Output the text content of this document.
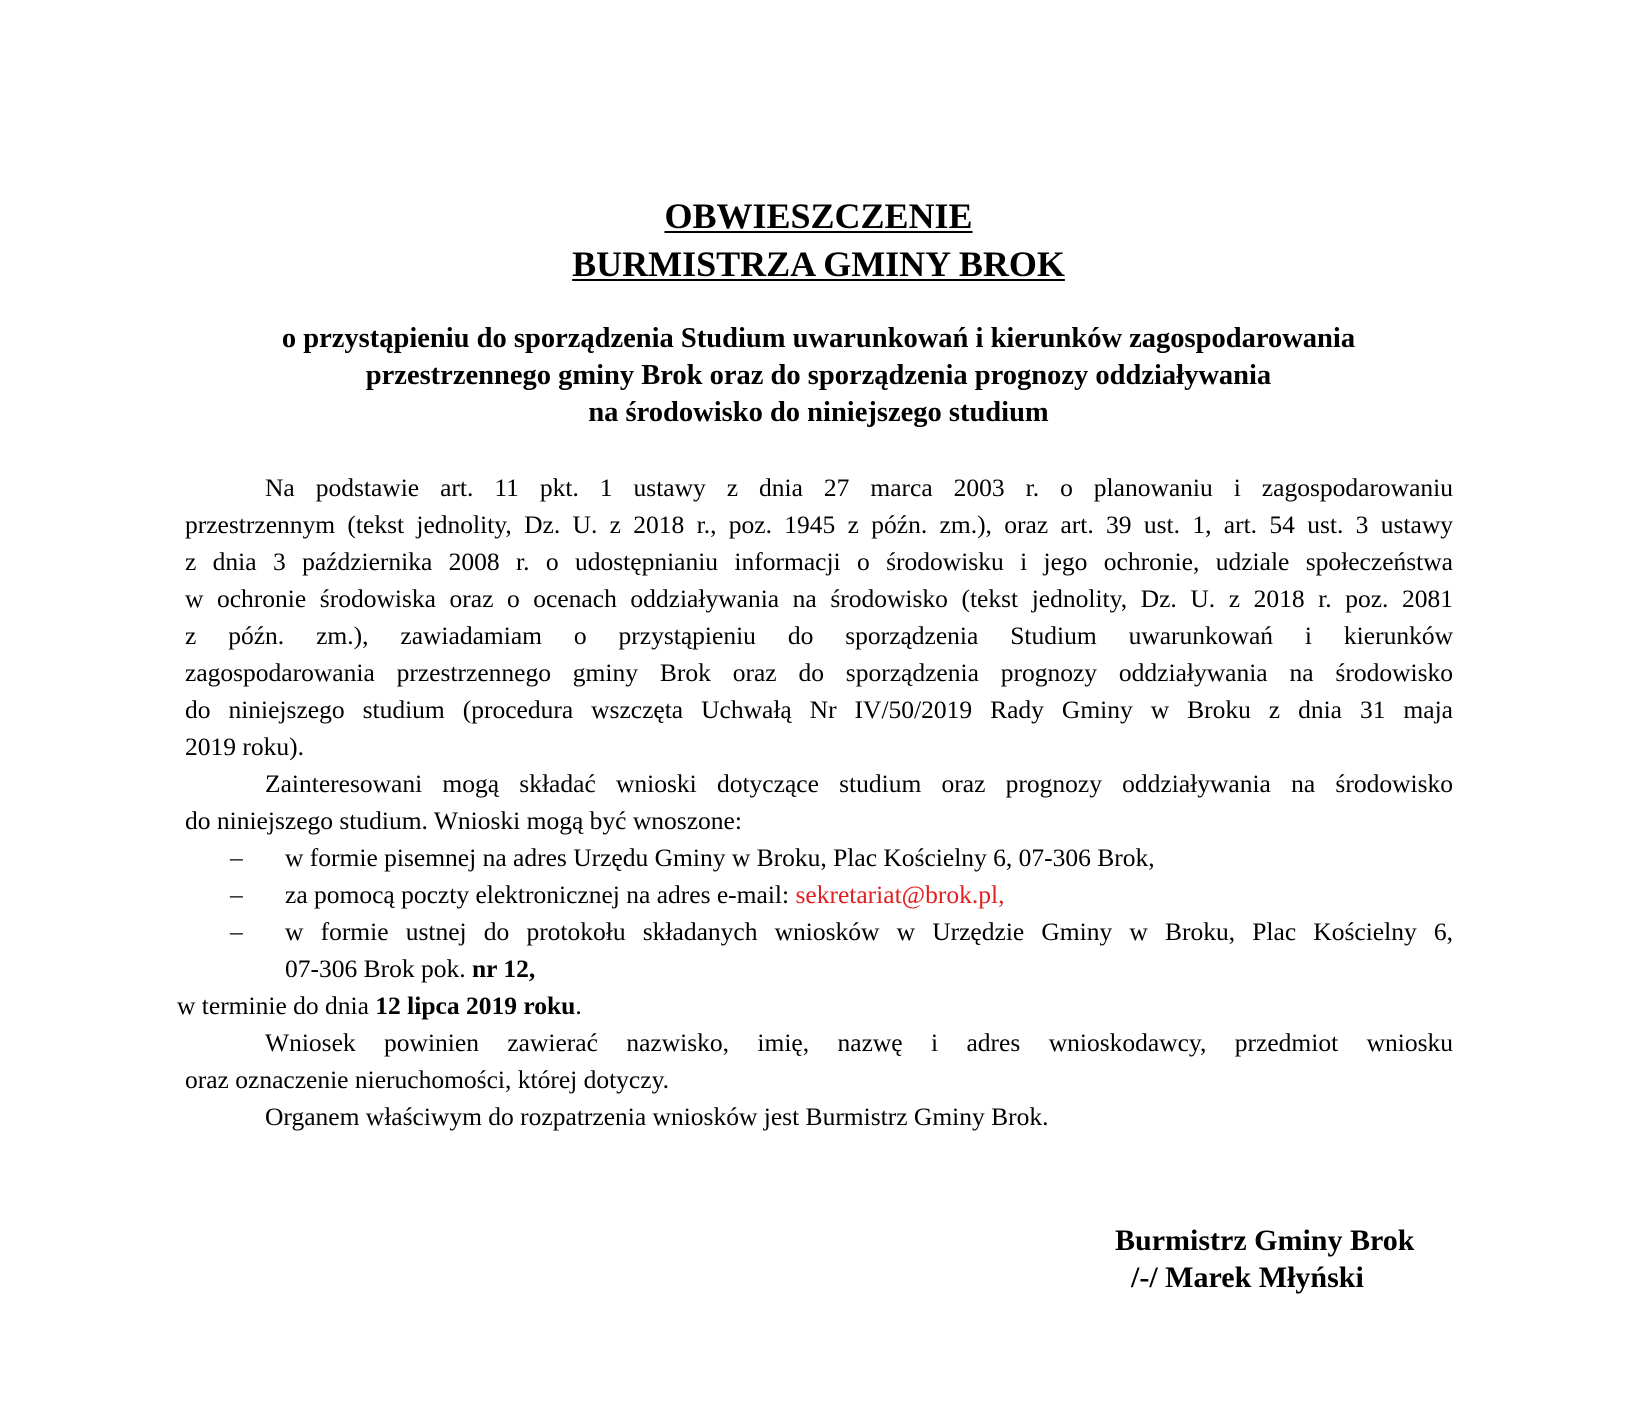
OBWIESZCZENIE
BURMISTRZA GMINY BROK
o przystąpieniu do sporządzenia Studium uwarunkowań i kierunków zagospodarowania
przestrzennego gminy Brok oraz do sporządzenia prognozy oddziaływania
na środowisko do niniejszego studium
Na podstawie art. 11 pkt. 1 ustawy z dnia 27 marca 2003 r. o planowaniu i zagospodarowaniu
przestrzennym (tekst jednolity, Dz. U. z 2018 r., poz. 1945 z późn. zm.), oraz art. 39 ust. 1, art. 54 ust. 3 ustawy
z dnia 3 października 2008 r. o udostępnianiu informacji o środowisku i jego ochronie, udziale społeczeństwa
w ochronie środowiska oraz o ocenach oddziaływania na środowisko (tekst jednolity, Dz. U. z 2018 r. poz. 2081
z późn. zm.), zawiadamiam o przystąpieniu do sporządzenia Studium uwarunkowań i kierunków
zagospodarowania przestrzennego gminy Brok oraz do sporządzenia prognozy oddziaływania na środowisko
do niniejszego studium (procedura wszczęta Uchwałą Nr IV/50/2019 Rady Gminy w Broku z dnia 31 maja
2019 roku).
Zainteresowani mogą składać wnioski dotyczące studium oraz prognozy oddziaływania na środowisko
do niniejszego studium. Wnioski mogą być wnoszone:
– w formie pisemnej na adres Urzędu Gminy w Broku, Plac Kościelny 6, 07-306 Brok,
– za pomocą poczty elektronicznej na adres e-mail: sekretariat@brok.pl,
– w formie ustnej do protokołu składanych wniosków w Urzędzie Gminy w Broku, Plac Kościelny 6,
07-306 Brok pok. nr 12,
w terminie do dnia 12 lipca 2019 roku.
Wniosek powinien zawierać nazwisko, imię, nazwę i adres wnioskodawcy, przedmiot wniosku
oraz oznaczenie nieruchomości, której dotyczy.
Organem właściwym do rozpatrzenia wniosków jest Burmistrz Gminy Brok.
Burmistrz Gminy Brok
/-/ Marek Młyński
